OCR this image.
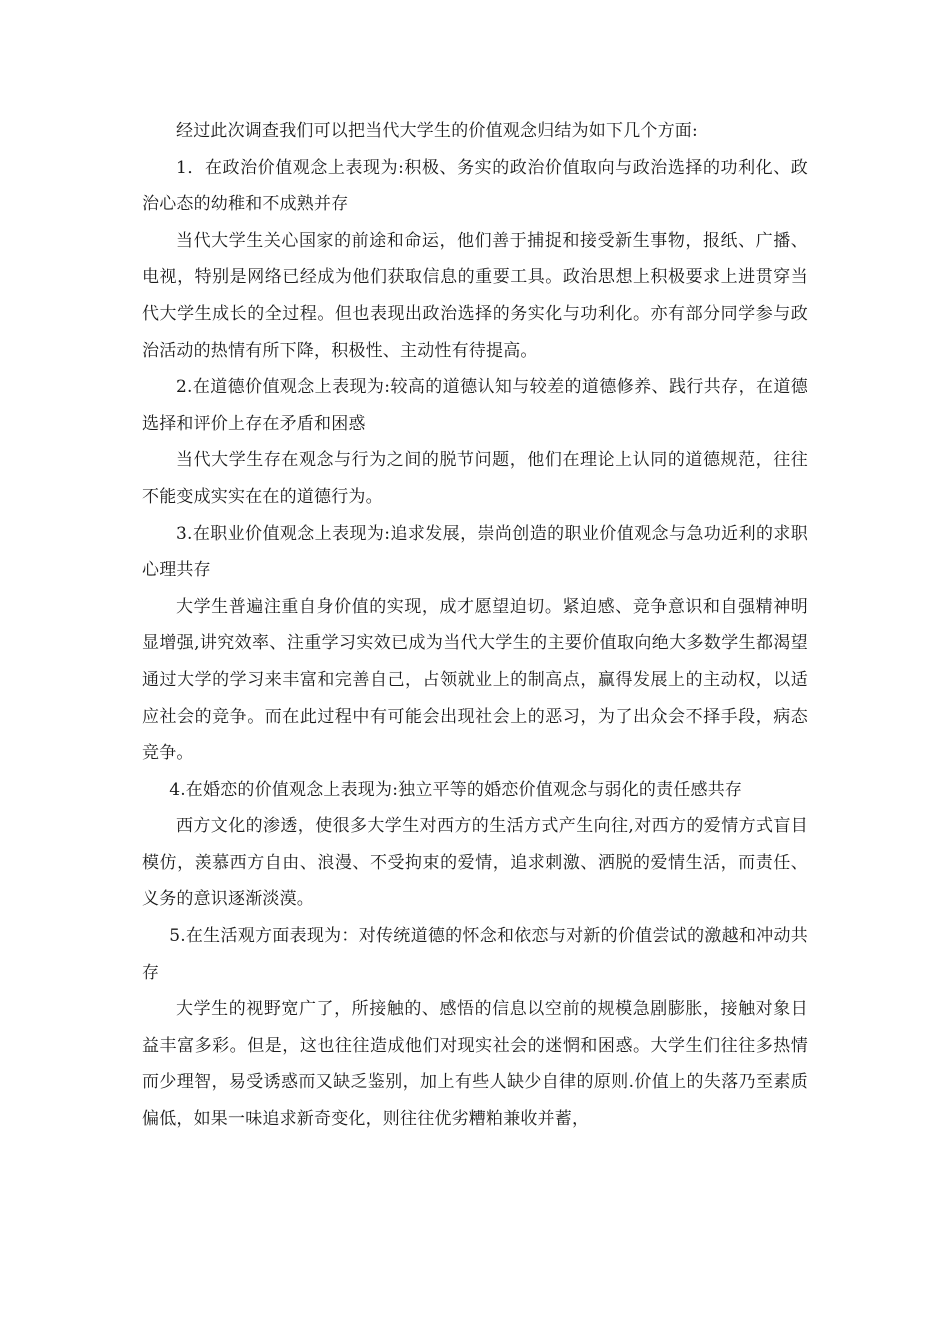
经过此次调查我们可以把当代大学生的价值观念归结为如下几个方面:

1．在政治价值观念上表现为:积极、务实的政治价值取向与政治选择的功利化、政治心态的幼稚和不成熟并存

当代大学生关心国家的前途和命运，他们善于捕捉和接受新生事物，报纸、广播、电视，特别是网络已经成为他们获取信息的重要工具。政治思想上积极要求上进贯穿当代大学生成长的全过程。但也表现出政治选择的务实化与功利化。亦有部分同学参与政治活动的热情有所下降，积极性、主动性有待提高。

2.在道德价值观念上表现为:较高的道德认知与较差的道德修养、践行共存，在道德选择和评价上存在矛盾和困惑

当代大学生存在观念与行为之间的脱节问题，他们在理论上认同的道德规范，往往不能变成实实在在的道德行为。

3.在职业价值观念上表现为:追求发展，崇尚创造的职业价值观念与急功近利的求职心理共存

大学生普遍注重自身价值的实现，成才愿望迫切。紧迫感、竞争意识和自强精神明显增强,讲究效率、注重学习实效已成为当代大学生的主要价值取向绝大多数学生都渴望通过大学的学习来丰富和完善自己，占领就业上的制高点，赢得发展上的主动权，以适应社会的竞争。而在此过程中有可能会出现社会上的恶习，为了出众会不择手段，病态竞争。

4.在婚恋的价值观念上表现为:独立平等的婚恋价值观念与弱化的责任感共存

西方文化的渗透，使很多大学生对西方的生活方式产生向往,对西方的爱情方式盲目模仿，羡慕西方自由、浪漫、不受拘束的爱情，追求刺激、洒脱的爱情生活，而责任、义务的意识逐渐淡漠。

5.在生活观方面表现为：对传统道德的怀念和依恋与对新的价值尝试的激越和冲动共存

大学生的视野宽广了，所接触的、感悟的信息以空前的规模急剧膨胀，接触对象日益丰富多彩。但是，这也往往造成他们对现实社会的迷惘和困惑。大学生们往往多热情而少理智，易受诱惑而又缺乏鉴别，加上有些人缺少自律的原则.价值上的失落乃至素质偏低，如果一味追求新奇变化，则往往优劣糟粕兼收并蓄，
